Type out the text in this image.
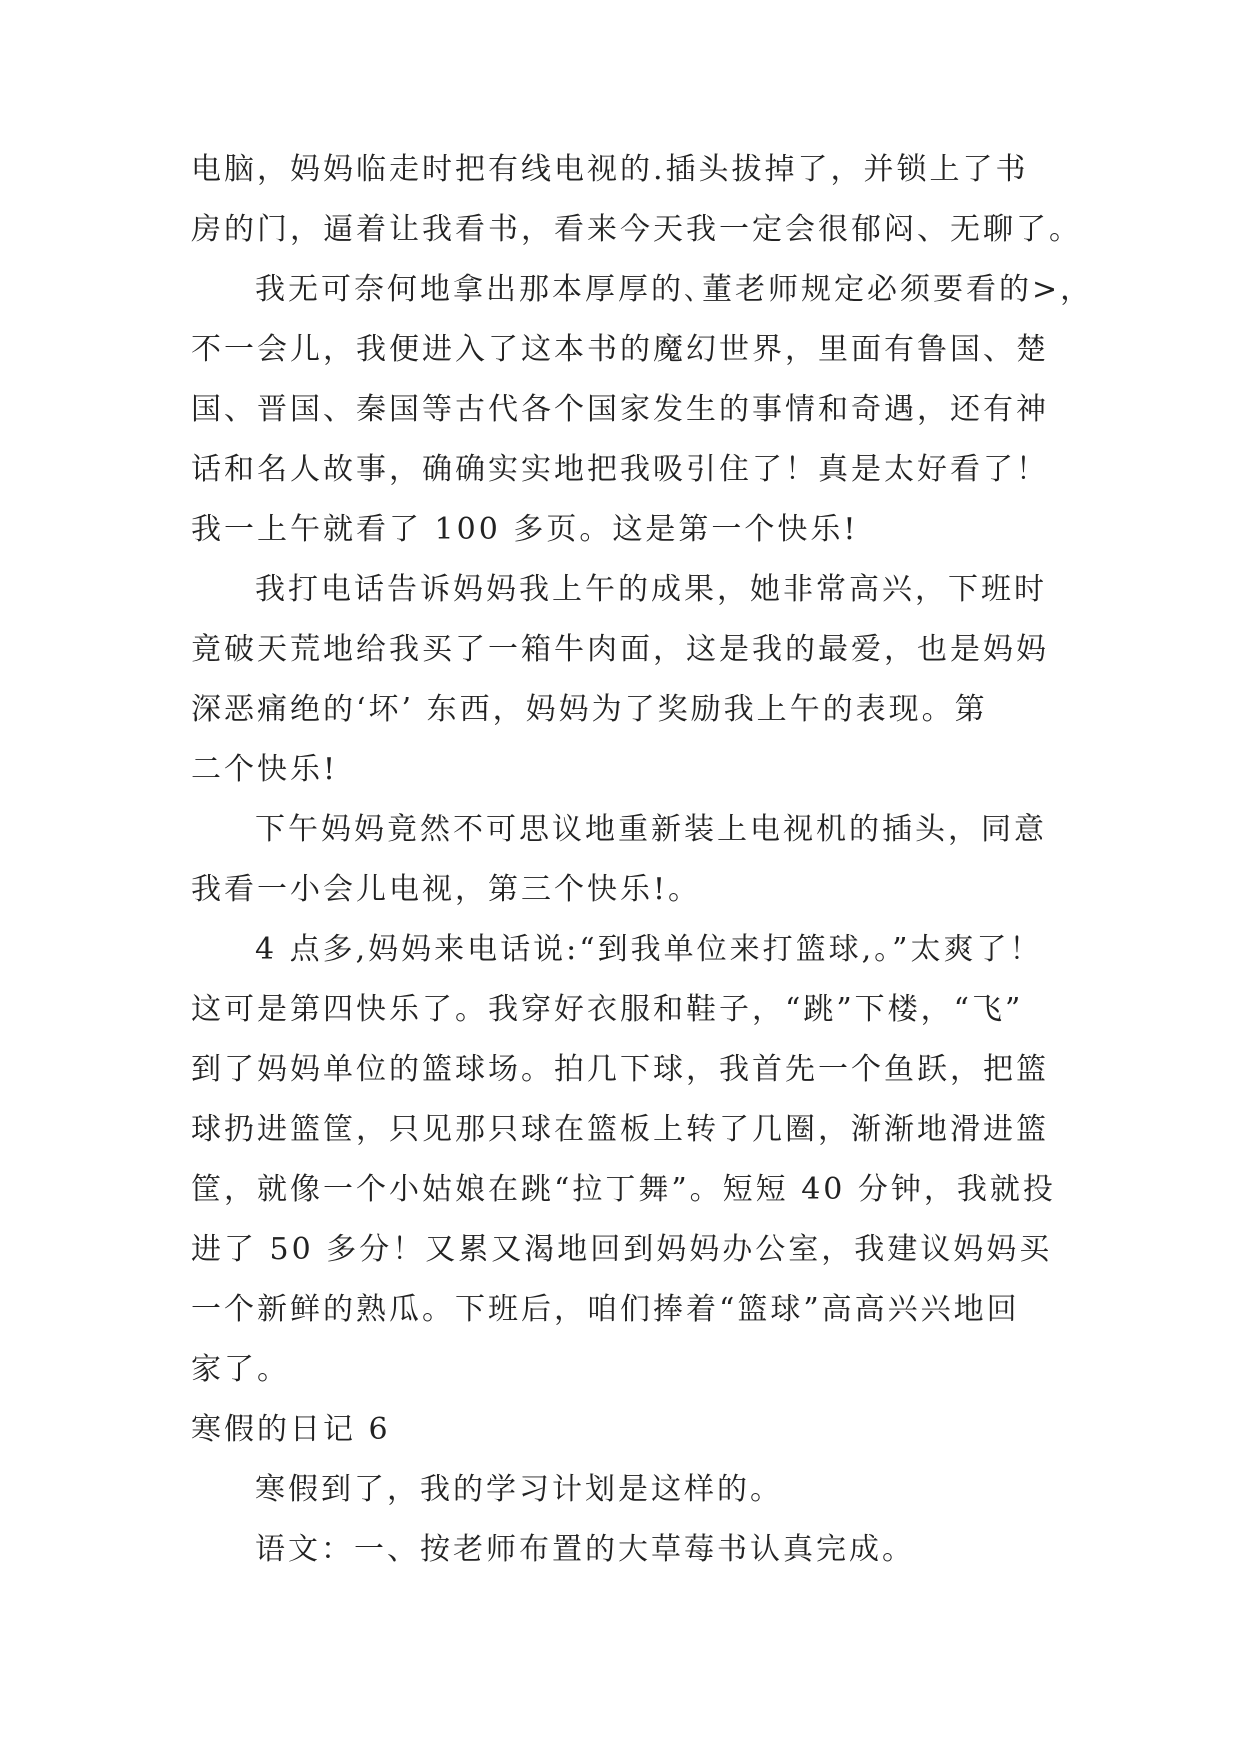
电脑，妈妈临走时把有线电视的.插头拔掉了，并锁上了书

房的门，逼着让我看书，看来今天我一定会很郁闷、无聊了。

我无可奈何地拿出那本厚厚的､董老师规定必须要看的>，

不一会儿，我便进入了这本书的魔幻世界，里面有鲁国、楚

国、晋国、秦国等古代各个国家发生的事情和奇遇，还有神

话和名人故事，确确实实地把我吸引住了！真是太好看了！

我一上午就看了 100 多页。这是第一个快乐!

我打电话告诉妈妈我上午的成果，她非常高兴，下班时

竟破天荒地给我买了一箱牛肉面，这是我的最爱，也是妈妈

深恶痛绝的‘坏’ 东西，妈妈为了奖励我上午的表现。第

二个快乐!

下午妈妈竟然不可思议地重新装上电视机的插头，同意

我看一小会儿电视，第三个快乐!。

4 点多,妈妈来电话说:“到我单位来打篮球,。”太爽了！

这可是第四快乐了。我穿好衣服和鞋子，“跳”下楼，“飞”

到了妈妈单位的篮球场。拍几下球，我首先一个鱼跃，把篮

球扔进篮筐，只见那只球在篮板上转了几圈，渐渐地滑进篮

筐，就像一个小姑娘在跳“拉丁舞”。短短 40 分钟，我就投

进了 50 多分！又累又渴地回到妈妈办公室，我建议妈妈买

一个新鲜的熟瓜。下班后，咱们捧着“篮球”高高兴兴地回

家了。

寒假的日记 6

寒假到了，我的学习计划是这样的。

语文：一、按老师布置的大草莓书认真完成。
